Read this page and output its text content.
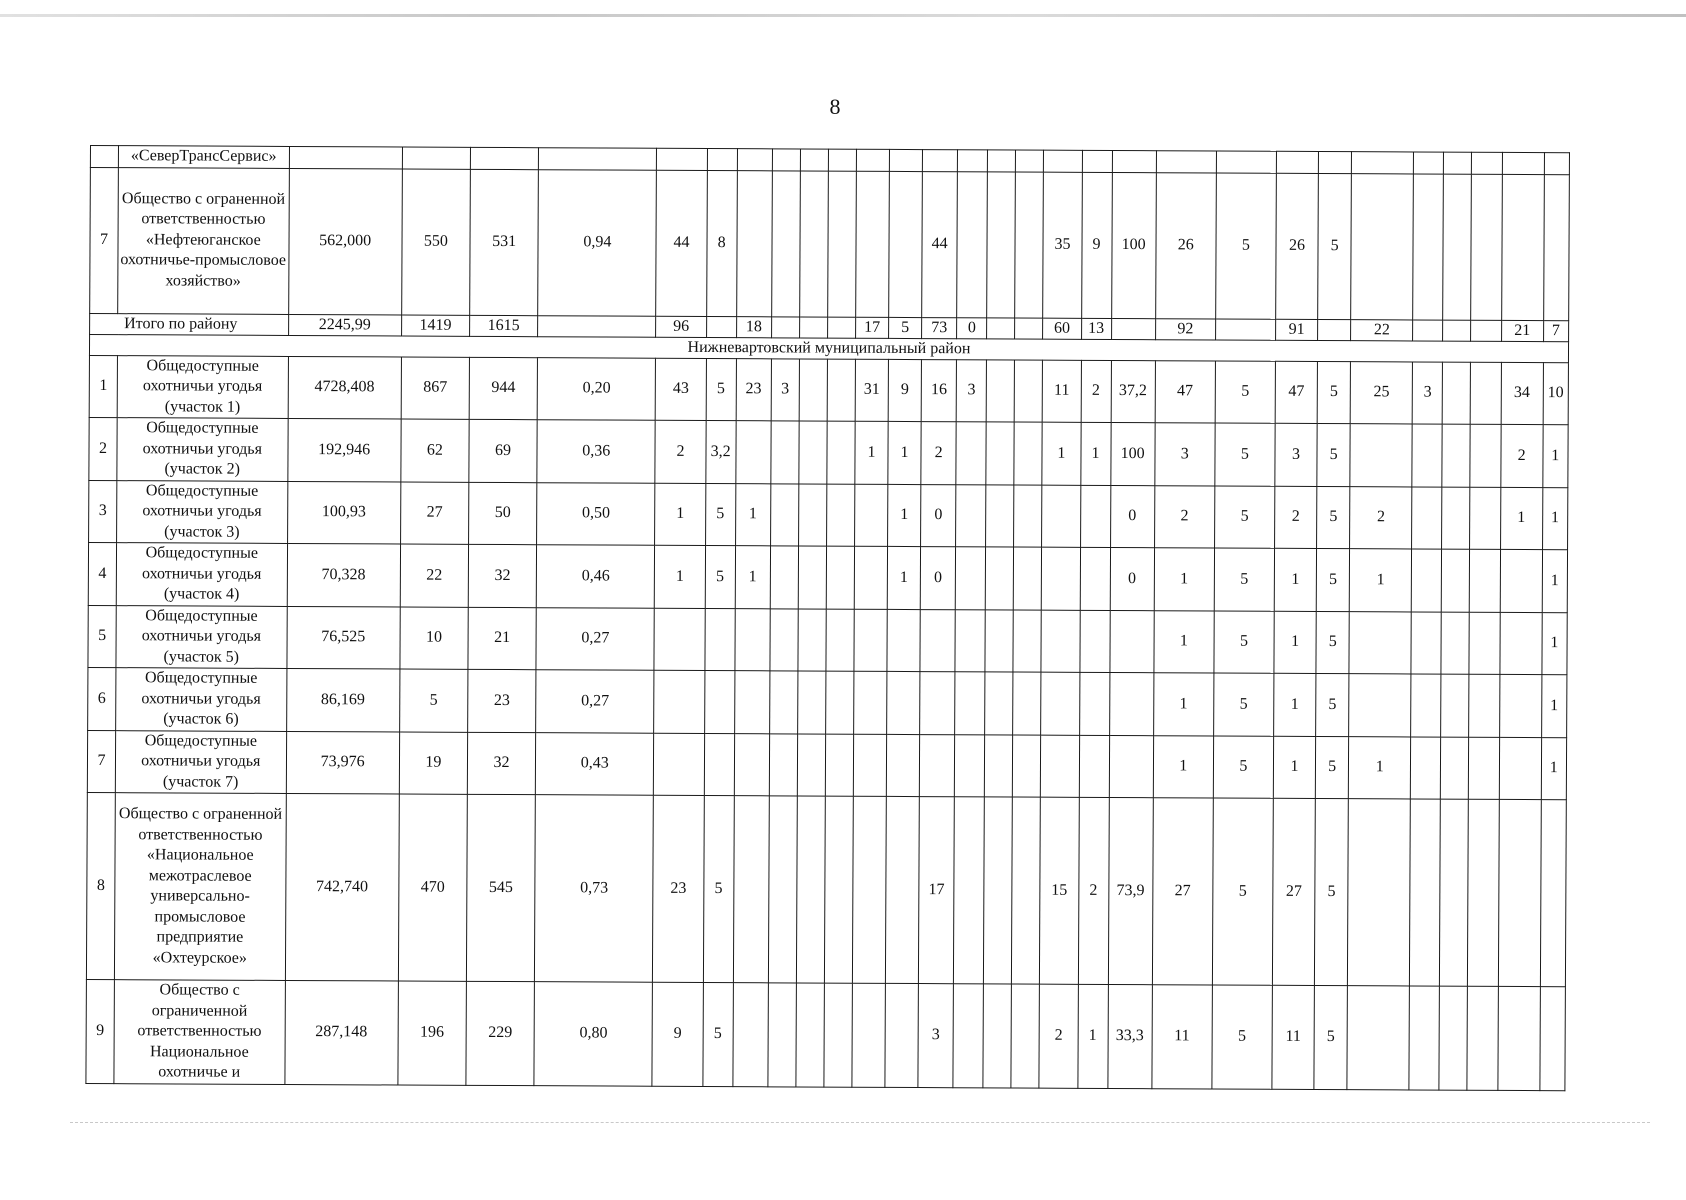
8
	«СеверТрансСервис»																													
7	Общество с ограненной ответственностью «Нефтеюганское охотничье-промысловое хозяйство»	562,000	550	531	0,94	44	8							44				35	9	100	26	5	26	5						
Итого по району		2245,99	1419	1615		96		18				17	5	73	0			60	13		92		91		22				21	7
Нижневартовский муниципальный район																														
1	Общедоступные охотничьи угодья (участок 1)	4728,408	867	944	0,20	43	5	23	3			31	9	16	3			11	2	37,2	47	5	47	5	25	3			34	10
2	Общедоступные охотничьи угодья (участок 2)	192,946	62	69	0,36	2	3,2					1	1	2				1	1	100	3	5	3	5					2	1
3	Общедоступные охотничьи угодья (участок 3)	100,93	27	50	0,50	1	5	1					1	0						0	2	5	2	5	2				1	1
4	Общедоступные охотничьи угодья (участок 4)	70,328	22	32	0,46	1	5	1					1	0						0	1	5	1	5	1					1
5	Общедоступные охотничьи угодья (участок 5)	76,525	10	21	0,27																1	5	1	5						1
6	Общедоступные охотничьи угодья (участок 6)	86,169	5	23	0,27																1	5	1	5						1
7	Общедоступные охотничьи угодья (участок 7)	73,976	19	32	0,43																1	5	1	5	1					1
8	Общество с ограненной ответственностью «Национальное межотраслевое универсально-промысловое предприятие «Охтеурское»	742,740	470	545	0,73	23	5							17				15	2	73,9	27	5	27	5						
9	Общество с ограниченной ответственностью Национальное охотничье и	287,148	196	229	0,80	9	5							3				2	1	33,3	11	5	11	5						
